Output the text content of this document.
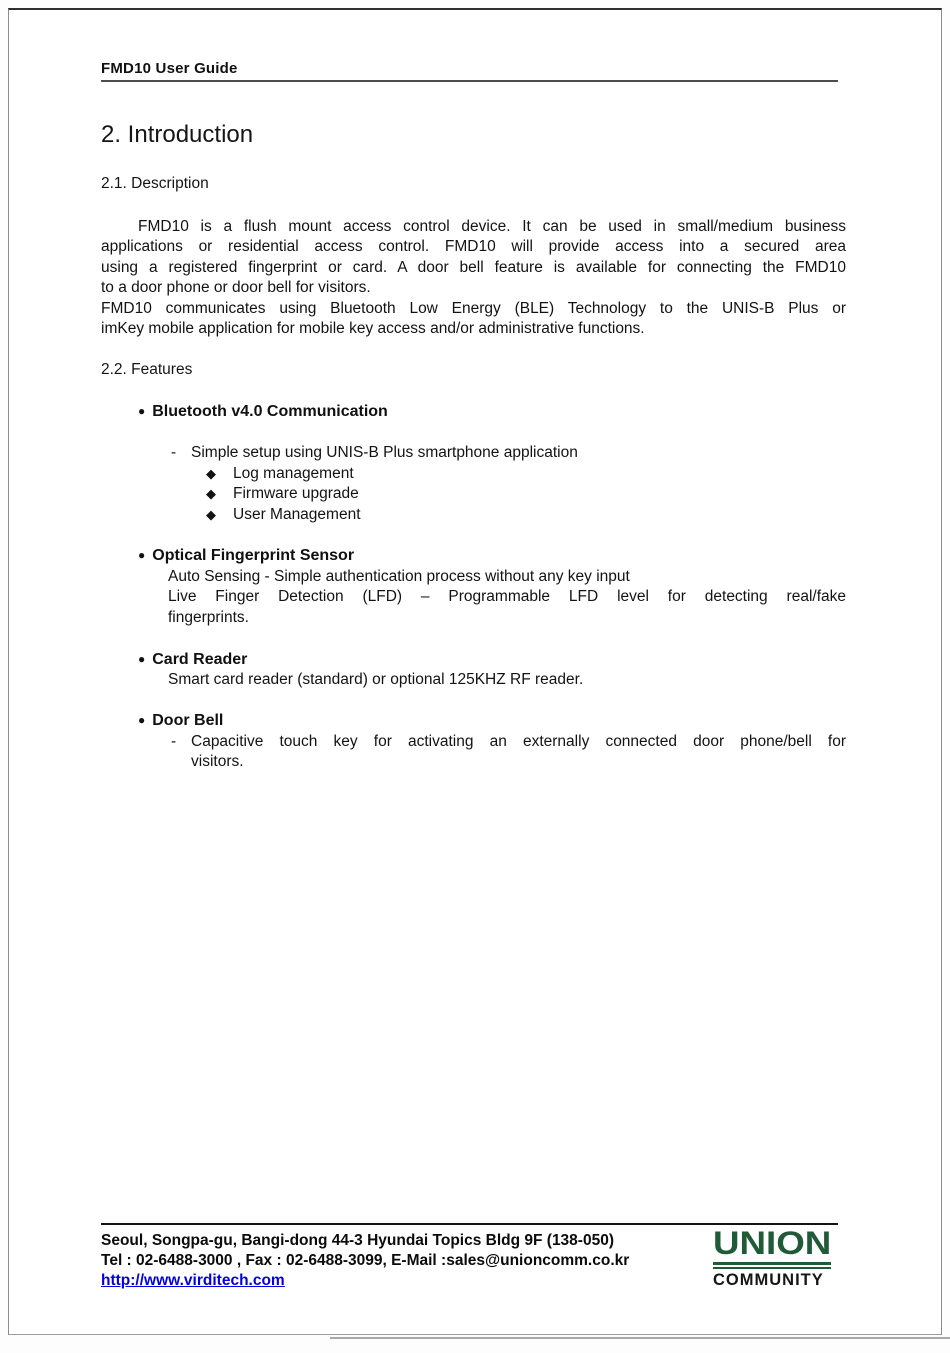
FMD10 User Guide
2. Introduction
2.1. Description
FMD10 is a flush mount access control device. It can be used in small/medium business
applications or residential access control. FMD10 will provide access into a secured area
using a registered fingerprint or card. A door bell feature is available for connecting the FMD10
to a door phone or door bell for visitors.
FMD10 communicates using Bluetooth Low Energy (BLE) Technology to the UNIS-B Plus or
imKey mobile application for mobile key access and/or administrative functions.
2.2. Features
● Bluetooth v4.0 Communication
- Simple setup using UNIS-B Plus smartphone application
◆	Log management
◆	Firmware upgrade
◆	User Management
● Optical Fingerprint Sensor
Auto Sensing - Simple authentication process without any key input
Live Finger Detection (LFD) – Programmable LFD level for detecting real/fake
fingerprints.
● Card Reader
Smart card reader (standard) or optional 125KHZ RF reader.
● Door Bell
- Capacitive touch key for activating an externally connected door phone/bell for
visitors.
Seoul, Songpa-gu, Bangi-dong 44-3 Hyundai Topics Bldg 9F (138-050)
Tel : 02-6488-3000 , Fax : 02-6488-3099, E-Mail :sales@unioncomm.co.kr
http://www.virditech.com
UNION
COMMUNITY
